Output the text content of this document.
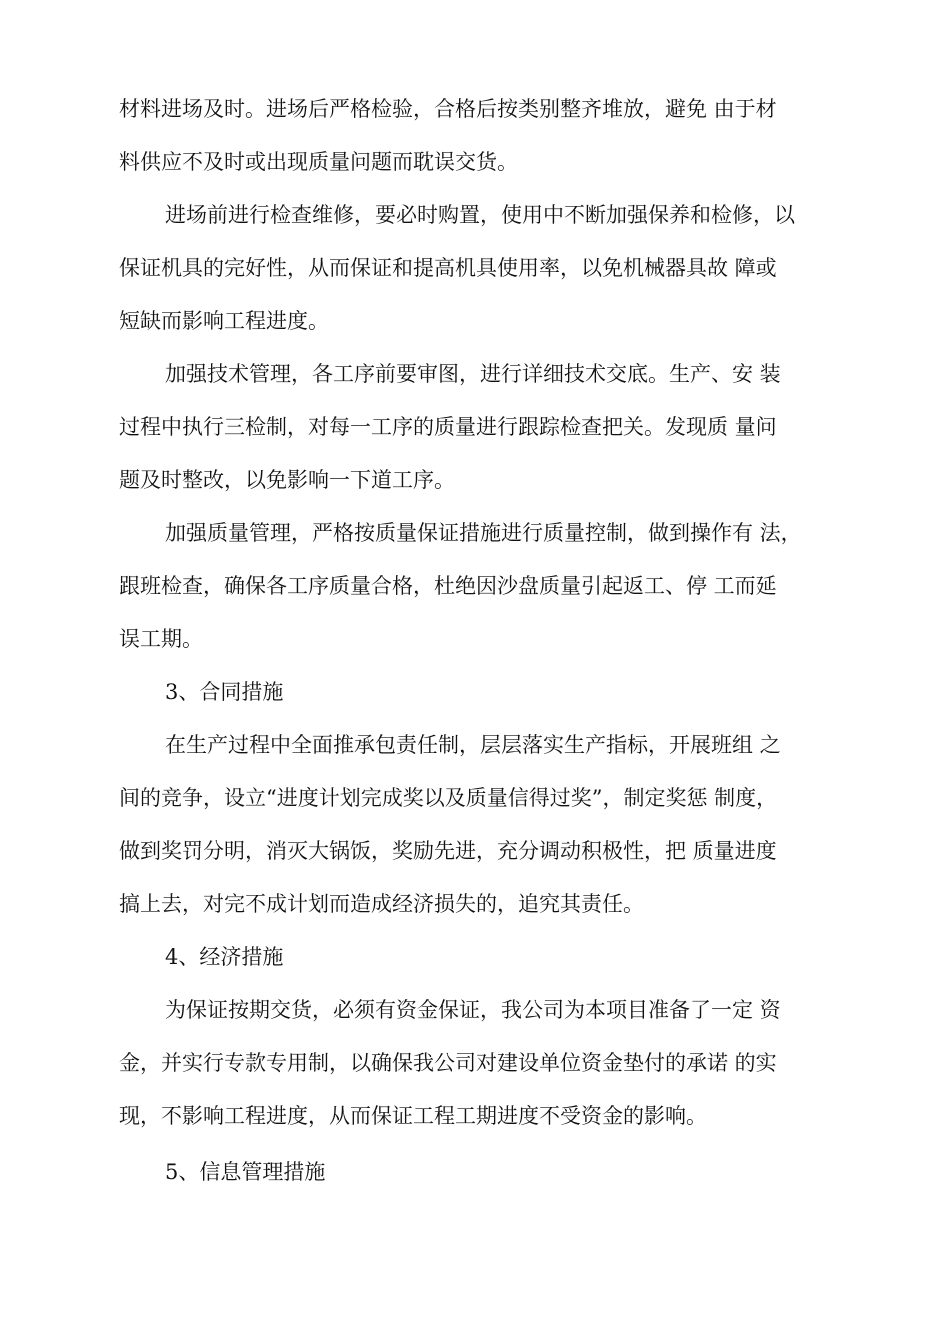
材料进场及时。进场后严格检验，合格后按类别整齐堆放，避免 由于材
料供应不及时或出现质量问题而耽误交货。
进场前进行检查维修，要必时购置，使用中不断加强保养和检修，以
保证机具的完好性，从而保证和提高机具使用率，以免机械器具故 障或
短缺而影响工程进度。
加强技术管理，各工序前要审图，进行详细技术交底。生产、安 装
过程中执行三检制，对每一工序的质量进行跟踪检查把关。发现质 量问
题及时整改，以免影响一下道工序。
加强质量管理，严格按质量保证措施进行质量控制，做到操作有 法，
跟班检查，确保各工序质量合格，杜绝因沙盘质量引起返工、停 工而延
误工期。
3、合同措施
在生产过程中全面推承包责任制，层层落实生产指标，开展班组 之
间的竞争，设立“进度计划完成奖以及质量信得过奖”，制定奖惩 制度，
做到奖罚分明，消灭大锅饭，奖励先进，充分调动积极性，把 质量进度
搞上去，对完不成计划而造成经济损失的，追究其责任。
4、经济措施
为保证按期交货，必须有资金保证，我公司为本项目准备了一定 资
金，并实行专款专用制，以确保我公司对建设单位资金垫付的承诺 的实
现，不影响工程进度，从而保证工程工期进度不受资金的影响。
5、信息管理措施
